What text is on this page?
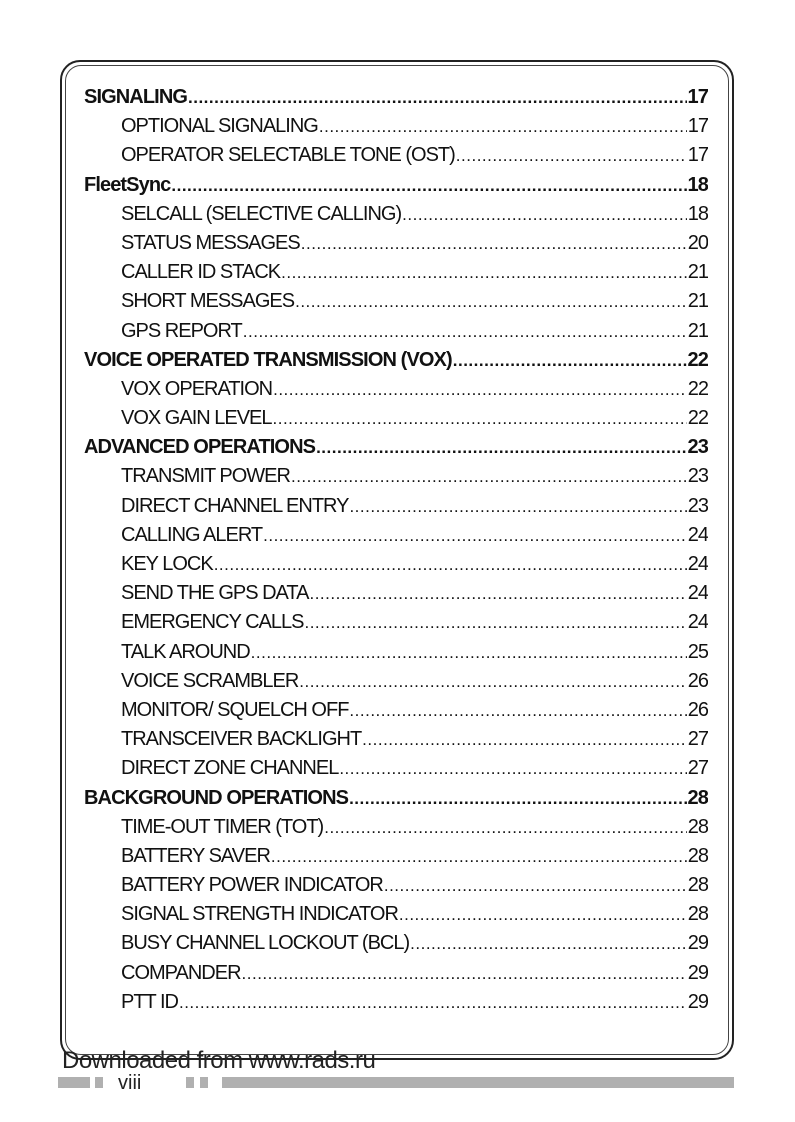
SIGNALING .....	17
OPTIONAL SIGNALING .....	17
OPERATOR SELECTABLE TONE (OST) .....	17
FleetSync .....	18
SELCALL (SELECTIVE CALLING) .....	18
STATUS MESSAGES .....	20
CALLER ID STACK .....	21
SHORT MESSAGES .....	21
GPS REPORT .....	21
VOICE OPERATED TRANSMISSION (VOX) .....	22
VOX OPERATION .....	22
VOX GAIN LEVEL .....	22
ADVANCED OPERATIONS .....	23
TRANSMIT POWER .....	23
DIRECT CHANNEL ENTRY .....	23
CALLING ALERT .....	24
KEY LOCK .....	24
SEND THE GPS DATA .....	24
EMERGENCY CALLS .....	24
TALK AROUND .....	25
VOICE SCRAMBLER .....	26
MONITOR/ SQUELCH OFF .....	26
TRANSCEIVER BACKLIGHT .....	27
DIRECT ZONE CHANNEL .....	27
BACKGROUND OPERATIONS .....	28
TIME-OUT TIMER (TOT) .....	28
BATTERY SAVER .....	28
BATTERY POWER INDICATOR .....	28
SIGNAL STRENGTH INDICATOR .....	28
BUSY CHANNEL LOCKOUT (BCL) .....	29
COMPANDER .....	29
PTT ID .....	29
Downloaded from www.rads.ru
viii
